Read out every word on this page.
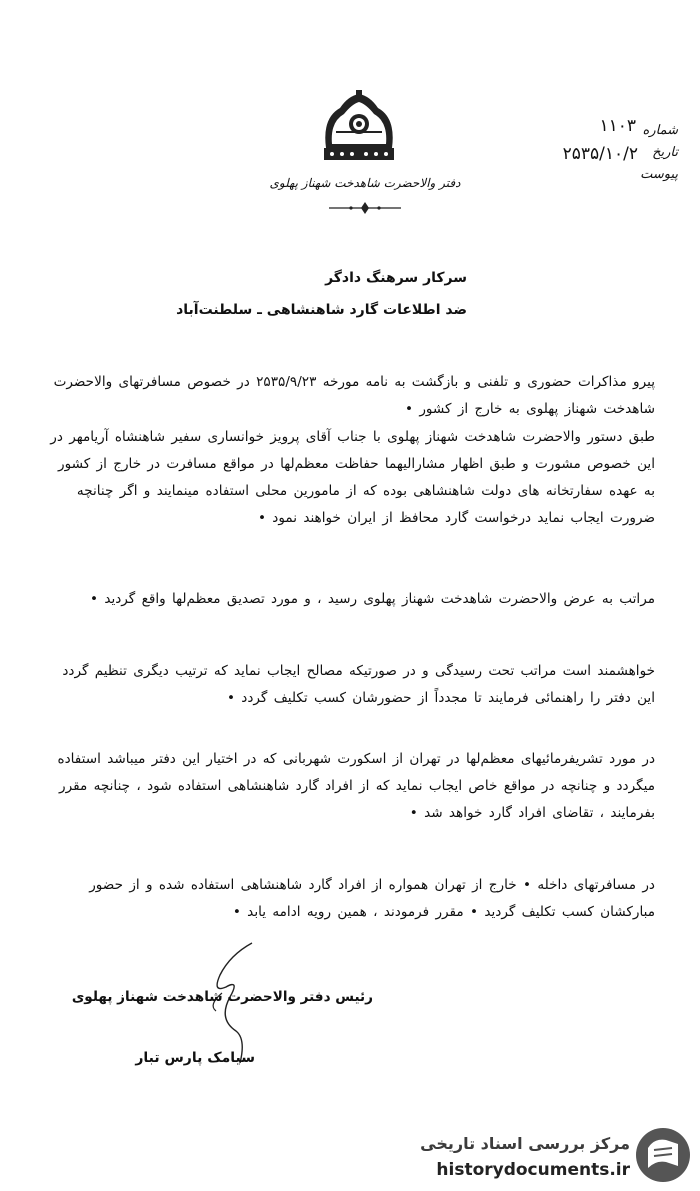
دفتر والاحضرت شاهدخت شهناز پهلوی
شماره
تاریخ
پیوست
۱۱۰۳
۲۵۳۵/۱۰/۲
سرکار سرهنگ دادگر
ضد اطلاعات گارد شاهنشاهی ـ سلطنت‌آباد
پیرو مذاکرات حضوری و تلفنی و بازگشت به نامه مورخه ۲۵۳۵/۹/۲۳ در خصوص مسافرتهای والاحضرت شاهدخت شهناز پهلوی به خارج از کشور •
طبق دستور والاحضرت شاهدخت شهناز پهلوی با جناب آقای پرویز خوانساری سفیر شاهنشاه آریامهر در این خصوص مشورت و طبق اظهار مشارالیهما حفاظت معظم‌لها در مواقع مسافرت در خارج از کشور به عهده سفارتخانه های دولت شاهنشاهی بوده که از مامورین محلی استفاده مینمایند و اگر چنانچه ضرورت ایجاب نماید درخواست گارد محافظ از ایران خواهند نمود •
مراتب به عرض والاحضرت شاهدخت شهناز پهلوی رسید ، و مورد تصدیق معظم‌لها واقع گردید •
خواهشمند است مراتب تحت رسیدگی و در صورتیکه مصالح ایجاب نماید که ترتیب دیگری تنظیم گردد این دفتر را راهنمائی فرمایند تا مجدداً از حضورشان کسب تکلیف گردد •
در مورد تشریفرمائیهای معظم‌لها در تهران از اسکورت شهربانی که در اختیار این دفتر میباشد استفاده میگردد و چنانچه در مواقع خاص ایجاب نماید که از افراد گارد شاهنشاهی استفاده شود ، چنانچه مقرر بفرمایند ، تقاضای افراد گارد خواهد شد •
در مسافرتهای داخله • خارج از تهران همواره از افراد گارد شاهنشاهی استفاده شده و از حضور مبارکشان کسب تکلیف گردید • مقرر فرمودند ، همین رویه ادامه یابد •
رئیس دفتر والاحضرت شاهدخت شهناز پهلوی
سیامک پارس تبار
مرکز بررسی اسناد تاریخی
historydocuments.ir
